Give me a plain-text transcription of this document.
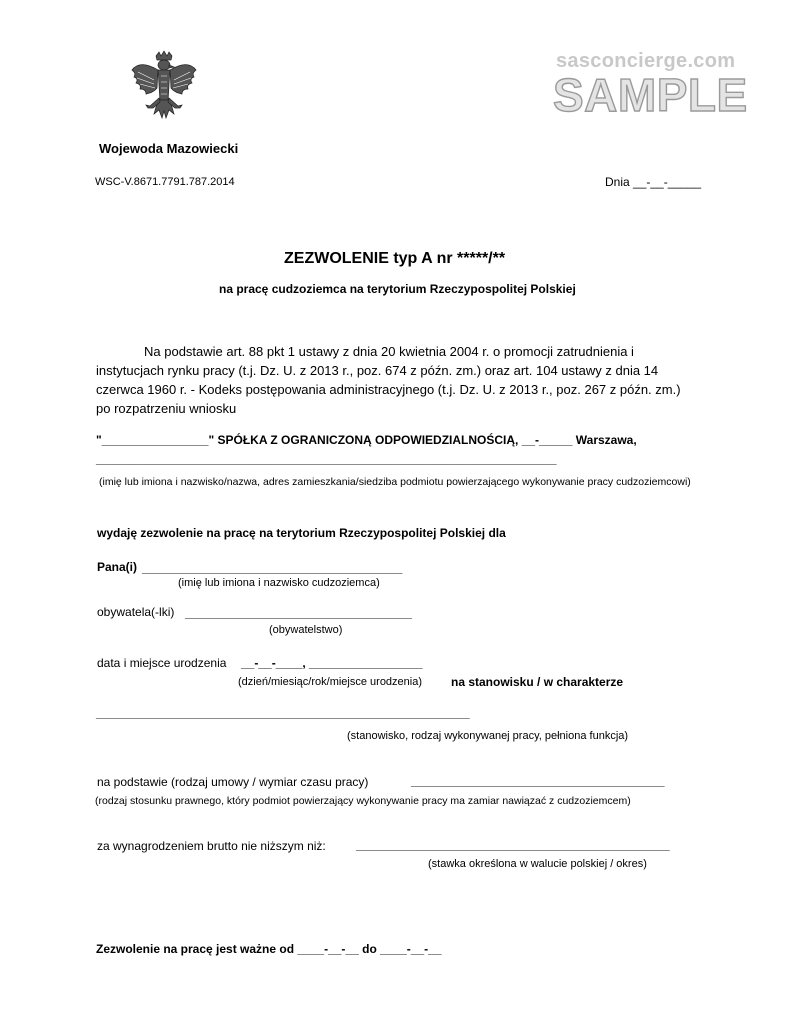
sasconcierge.com
SAMPLE
Wojewoda Mazowiecki
WSC-V.8671.7791.787.2014	Dnia __-__-_____
ZEZWOLENIE typ A nr *****/**
na pracę cudzoziemca na terytorium Rzeczypospolitej Polskiej
Na podstawie art. 88 pkt 1 ustawy z dnia 20 kwietnia 2004 r. o promocji zatrudnienia i
instytucjach rynku pracy (t.j. Dz. U. z 2013 r., poz. 674 z późn. zm.) oraz art. 104 ustawy z dnia 14
czerwca 1960 r. - Kodeks postępowania administracyjnego (t.j. Dz. U. z 2013 r., poz. 267 z późn. zm.)
po rozpatrzeniu wniosku
"________________" SPÓŁKA Z OGRANICZONĄ ODPOWIEDZIALNOŚCIĄ, __-_____ Warszawa,
_____________________________________________________________________
(imię lub imiona i nazwisko/nazwa, adres zamieszkania/siedziba podmiotu powierzającego wykonywanie pracy cudzoziemcowi)
wydaję zezwolenie na pracę na terytorium Rzeczypospolitej Polskiej dla
Pana(i) _______________________________________
(imię lub imiona i nazwisko cudzoziemca)
obywatela(-lki) __________________________________
(obywatelstwo)
data i miejsce urodzenia __-__-____, _________________
(dzień/miesiąc/rok/miejsce urodzenia) na stanowisku / w charakterze
________________________________________________________
(stanowisko, rodzaj wykonywanej pracy, pełniona funkcja)
na podstawie (rodzaj umowy / wymiar czasu pracy)	______________________________________
(rodzaj stosunku prawnego, który podmiot powierzający wykonywanie pracy ma zamiar nawiązać z cudzoziemcem)
za wynagrodzeniem brutto nie niższym niż:	_______________________________________________
(stawka określona w walucie polskiej / okres)
Zezwolenie na pracę jest ważne od ____-__-__ do ____-__-__
